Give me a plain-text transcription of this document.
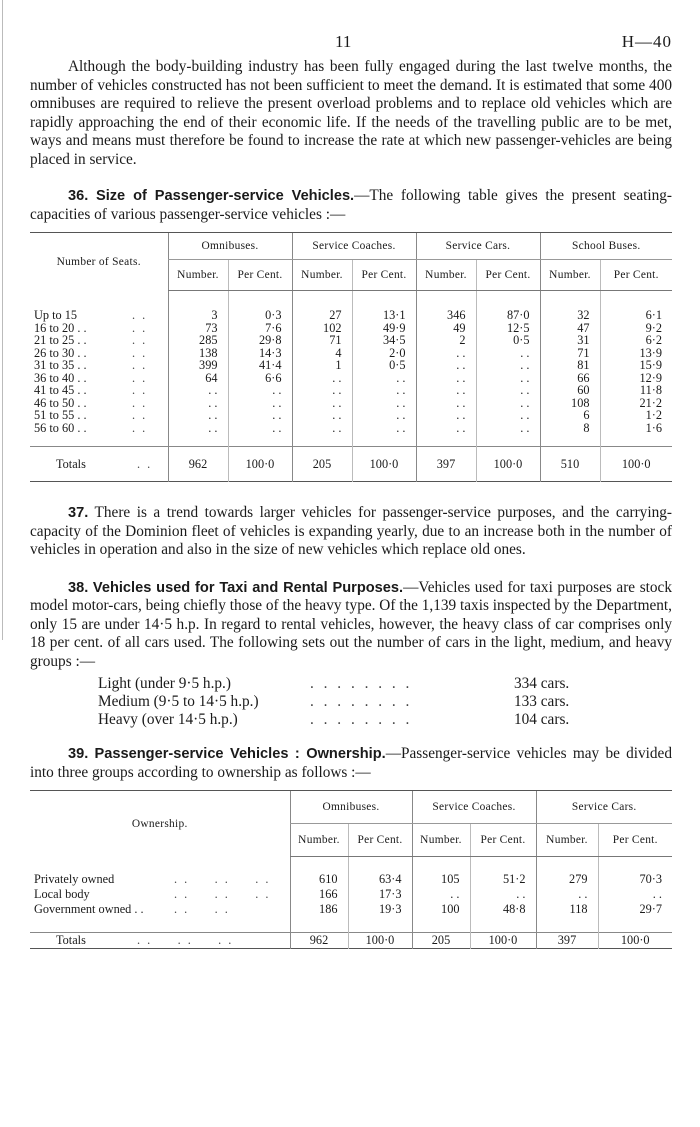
11	H—40

Although the body-building industry has been fully engaged during the last twelve months, the number of vehicles constructed has not been sufficient to meet the demand. It is estimated that some 400 omnibuses are required to relieve the present overload problems and to replace old vehicles which are rapidly approaching the end of their economic life. If the needs of the travelling public are to be met, ways and means must therefore be found to increase the rate at which new passenger-vehicles are being placed in service.

36. Size of Passenger-service Vehicles.—The following table gives the present seating-capacities of various passenger-service vehicles :—

Number of Seats.	Omnibuses.		Service Coaches.		Service Cars.		School Buses.	
	Number.	Per Cent.	Number.	Per Cent.	Number.	Per Cent.	Number.	Per Cent.

Up to 15 . .	3	0·3	27	13·1	346	87·0	32	6·1
16 to 20 . . . .	73	7·6	102	49·9	49	12·5	47	9·2
21 to 25 . . . .	285	29·8	71	34·5	2	0·5	31	6·2
26 to 30 . . . .	138	14·3	4	2·0	. .	. .	71	13·9
31 to 35 . . . .	399	41·4	1	0·5	. .	. .	81	15·9
36 to 40 . . . .	64	6·6	. .	. .	. .	. .	66	12·9
41 to 45 . . . .	. .	. .	. .	. .	. .	. .	60	11·8
46 to 50 . . . .	. .	. .	. .	. .	. .	. .	108	21·2
51 to 55 . . . .	. .	. .	. .	. .	. .	. .	6	1·2
56 to 60 . . . .	. .	. .	. .	. .	. .	. .	8	1·6

Totals . .	962	100·0	205	100·0	397	100·0	510	100·0

37. There is a trend towards larger vehicles for passenger-service purposes, and the carrying-capacity of the Dominion fleet of vehicles is expanding yearly, due to an increase both in the number of vehicles in operation and also in the size of new vehicles which replace old ones.

38. Vehicles used for Taxi and Rental Purposes.—Vehicles used for taxi purposes are stock model motor-cars, being chiefly those of the heavy type. Of the 1,139 taxis inspected by the Department, only 15 are under 14·5 h.p. In regard to rental vehicles, however, the heavy class of car comprises only 18 per cent. of all cars used. The following sets out the number of cars in the light, medium, and heavy groups :—

Light (under 9·5 h.p.)	. . . . . . . .	334 cars.
Medium (9·5 to 14·5 h.p.)	. . . . . . . .	133 cars.
Heavy (over 14·5 h.p.)	. . . . . . . .	104 cars.

39. Passenger-service Vehicles : Ownership.—Passenger-service vehicles may be divided into three groups according to ownership as follows :—

Ownership.	Omnibuses.		Service Coaches.		Service Cars.	
	Number.	Per Cent.	Number.	Per Cent.	Number.	Per Cent.

Privately owned . .     . .     . .	610	63·4	105	51·2	279	70·3
Local body . .     . .     . .	166	17·3	. .	. .	. .	. .
Government owned . . . .     . .	186	19·3	100	48·8	118	29·7

Totals . .     . .     . .	962	100·0	205	100·0	397	100·0
